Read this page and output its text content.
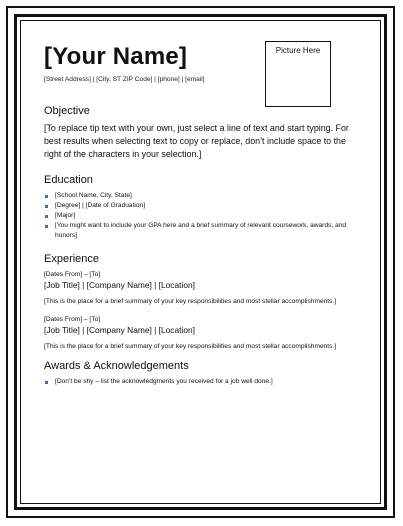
Picture Here
[Your Name]
[Street Address] | [City, ST ZIP Code] | [phone] | [email]
Objective

[To replace tip text with your own, just select a line of text and start typing. For best results when selecting text to copy or replace, don’t include space to the right of the characters in your selection.]

Education
[School Name, City, State]
[Degree] | [Date of Graduation]
[Major]
[You might want to include your GPA here and a brief summary of relevant coursework, awards, and honors]
Experience

[Dates From] – [To]

[Job Title] | [Company Name] | [Location]

[This is the place for a brief summary of your key responsibilities and most stellar accomplishments.]

[Dates From] – [To]

[Job Title] | [Company Name] | [Location]

[This is the place for a brief summary of your key responsibilities and most stellar accomplishments.]

Awards & Acknowledgements
[Don’t be shy – list the acknowledgments you received for a job well done.]
